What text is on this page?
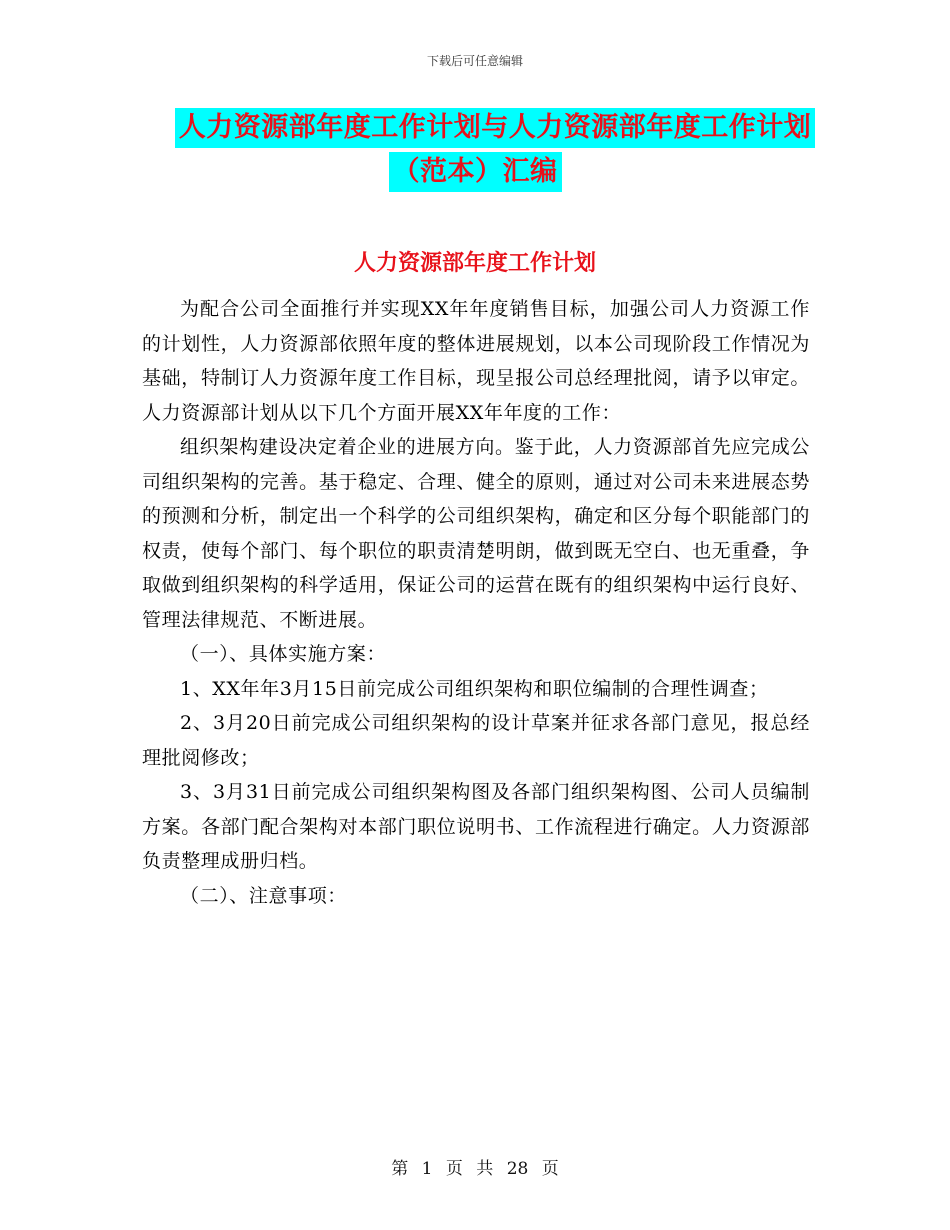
下载后可任意编辑
人力资源部年度工作计划与人力资源部年度工作计划
（范本）汇编
人力资源部年度工作计划

为配合公司全面推行并实现XX年年度销售目标，加强公司人力资源工作的计划性，人力资源部依照年度的整体进展规划，以本公司现阶段工作情况为基础，特制订人力资源年度工作目标，现呈报公司总经理批阅，请予以审定。人力资源部计划从以下几个方面开展XX年年度的工作：

组织架构建设决定着企业的进展方向。鉴于此，人力资源部首先应完成公司组织架构的完善。基于稳定、合理、健全的原则，通过对公司未来进展态势的预测和分析，制定出一个科学的公司组织架构，确定和区分每个职能部门的权责，使每个部门、每个职位的职责清楚明朗，做到既无空白、也无重叠，争取做到组织架构的科学适用，保证公司的运营在既有的组织架构中运行良好、管理法律规范、不断进展。

（一）、具体实施方案：

1、XX年年3月15日前完成公司组织架构和职位编制的合理性调查；

2、3月20日前完成公司组织架构的设计草案并征求各部门意见，报总经理批阅修改；

3、3月31日前完成公司组织架构图及各部门组织架构图、公司人员编制方案。各部门配合架构对本部门职位说明书、工作流程进行确定。人力资源部负责整理成册归档。

（二）、注意事项：

第 1 页 共 28 页
